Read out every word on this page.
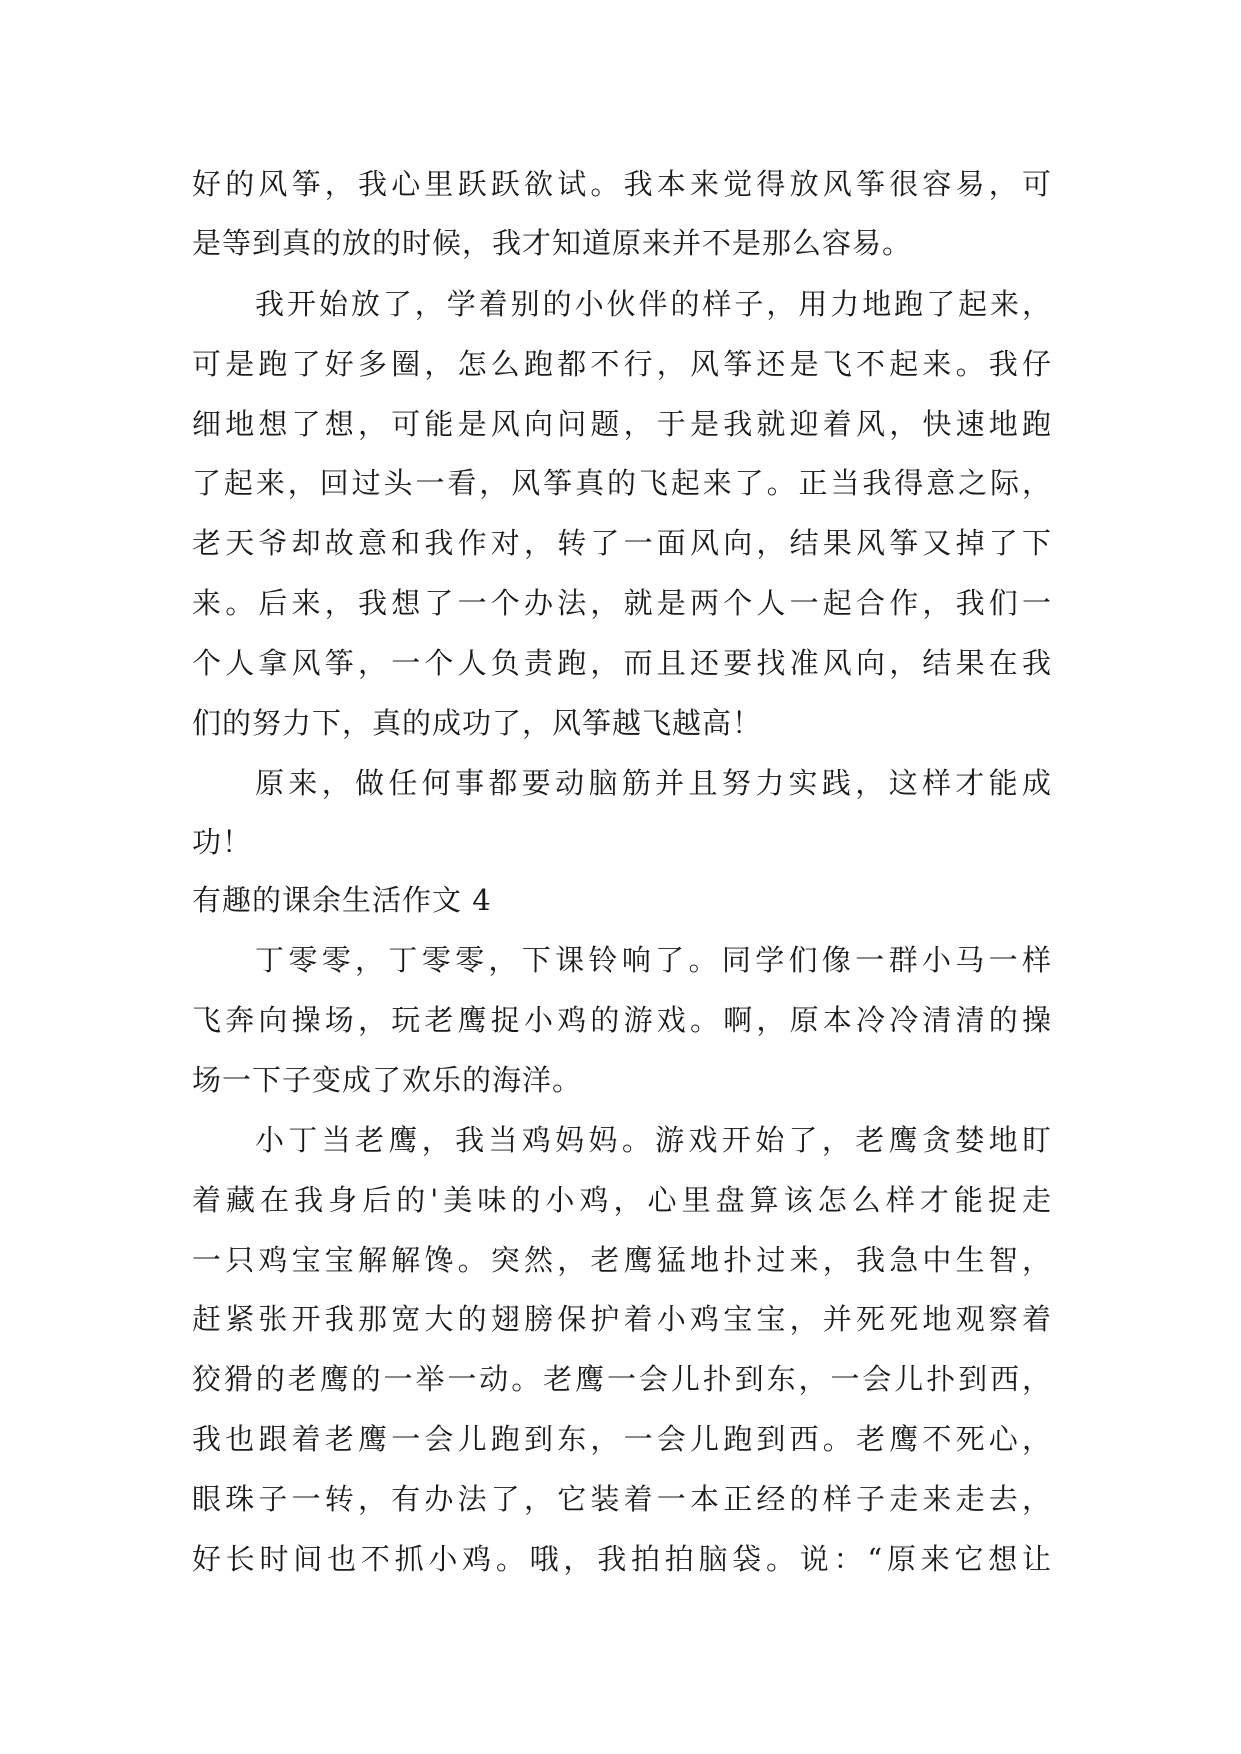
好的风筝，我心里跃跃欲试。我本来觉得放风筝很容易，可
是等到真的放的时候，我才知道原来并不是那么容易。
我开始放了，学着别的小伙伴的样子，用力地跑了起来，
可是跑了好多圈，怎么跑都不行，风筝还是飞不起来。我仔
细地想了想，可能是风向问题，于是我就迎着风，快速地跑
了起来，回过头一看，风筝真的飞起来了。正当我得意之际，
老天爷却故意和我作对，转了一面风向，结果风筝又掉了下
来。后来，我想了一个办法，就是两个人一起合作，我们一
个人拿风筝，一个人负责跑，而且还要找准风向，结果在我
们的努力下，真的成功了，风筝越飞越高！
原来，做任何事都要动脑筋并且努力实践，这样才能成
功！
有趣的课余生活作文 4
丁零零，丁零零，下课铃响了。同学们像一群小马一样
飞奔向操场，玩老鹰捉小鸡的游戏。啊，原本冷冷清清的操
场一下子变成了欢乐的海洋。
小丁当老鹰，我当鸡妈妈。游戏开始了，老鹰贪婪地盯
着藏在我身后的'美味的小鸡，心里盘算该怎么样才能捉走
一只鸡宝宝解解馋。突然，老鹰猛地扑过来，我急中生智，
赶紧张开我那宽大的翅膀保护着小鸡宝宝，并死死地观察着
狡猾的老鹰的一举一动。老鹰一会儿扑到东，一会儿扑到西，
我也跟着老鹰一会儿跑到东，一会儿跑到西。老鹰不死心，
眼珠子一转，有办法了，它装着一本正经的样子走来走去，
好长时间也不抓小鸡。哦，我拍拍脑袋。说：“原来它想让
